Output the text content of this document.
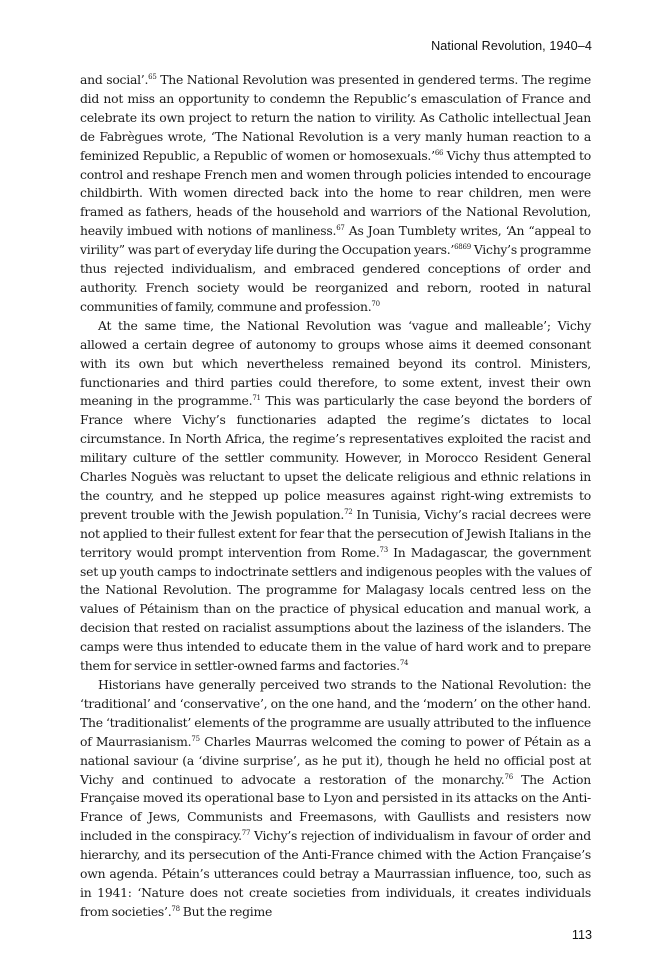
National Revolution, 1940–4

and social’.$^{65}$ The National Revolution was presented in gendered terms. The regime did not miss an opportunity to condemn the Republic’s emasculation of France and celebrate its own project to return the nation to virility. As Catholic intellectual Jean de Fabrègues wrote, ‘The National Revolution is a very manly human reaction to a feminized Republic, a Republic of women or homosexuals.’$^{66}$ Vichy thus attempted to control and reshape French men and women through policies intended to encourage childbirth. With women directed back into the home to rear children, men were framed as fathers, heads of the household and warriors of the National Revolution, heavily imbued with notions of manliness.$^{67}$ As Joan Tumblety writes, ‘An “appeal to virility” was part of everyday life during the Occupation years.’$^{6869}$ Vichy’s programme thus rejected individualism, and embraced gendered conceptions of order and authority. French society would be reorganized and reborn, rooted in natural communities of family, commune and profession.$^{70}$

At the same time, the National Revolution was ‘vague and malleable’; Vichy allowed a certain degree of autonomy to groups whose aims it deemed consonant with its own but which nevertheless remained beyond its control. Ministers, functionaries and third parties could therefore, to some extent, invest their own meaning in the programme.$^{71}$ This was particularly the case beyond the borders of France where Vichy’s functionaries adapted the regime’s dictates to local circumstance. In North Africa, the regime’s representatives exploited the racist and military culture of the settler community. However, in Morocco Resident General Charles Noguès was reluctant to upset the delicate religious and ethnic relations in the country, and he stepped up police measures against right-wing extremists to prevent trouble with the Jewish population.$^{72}$ In Tunisia, Vichy’s racial decrees were not applied to their fullest extent for fear that the persecution of Jewish Italians in the territory would prompt intervention from Rome.$^{73}$ In Madagascar, the government set up youth camps to indoctrinate settlers and indigenous peoples with the values of the National Revolution. The programme for Malagasy locals centred less on the values of Pétainism than on the practice of physical education and manual work, a decision that rested on racialist assumptions about the laziness of the islanders. The camps were thus intended to educate them in the value of hard work and to prepare them for service in settler-owned farms and factories.$^{74}$

Historians have generally perceived two strands to the National Revolution: the ‘traditional’ and ‘conservative’, on the one hand, and the ‘modern’ on the other hand. The ‘traditionalist’ elements of the programme are usually attributed to the influence of Maurrasianism.$^{75}$ Charles Maurras welcomed the coming to power of Pétain as a national saviour (a ‘divine surprise’, as he put it), though he held no official post at Vichy and continued to advocate a restoration of the monarchy.$^{76}$ The Action Française moved its operational base to Lyon and persisted in its attacks on the Anti-France of Jews, Communists and Freemasons, with Gaullists and resisters now included in the conspiracy.$^{77}$ Vichy’s rejection of individualism in favour of order and hierarchy, and its persecution of the Anti-France chimed with the Action Française’s own agenda. Pétain’s utterances could betray a Maurrassian influence, too, such as in 1941: ‘Nature does not create societies from individuals, it creates individuals from societies’.$^{78}$ But the regime

113
